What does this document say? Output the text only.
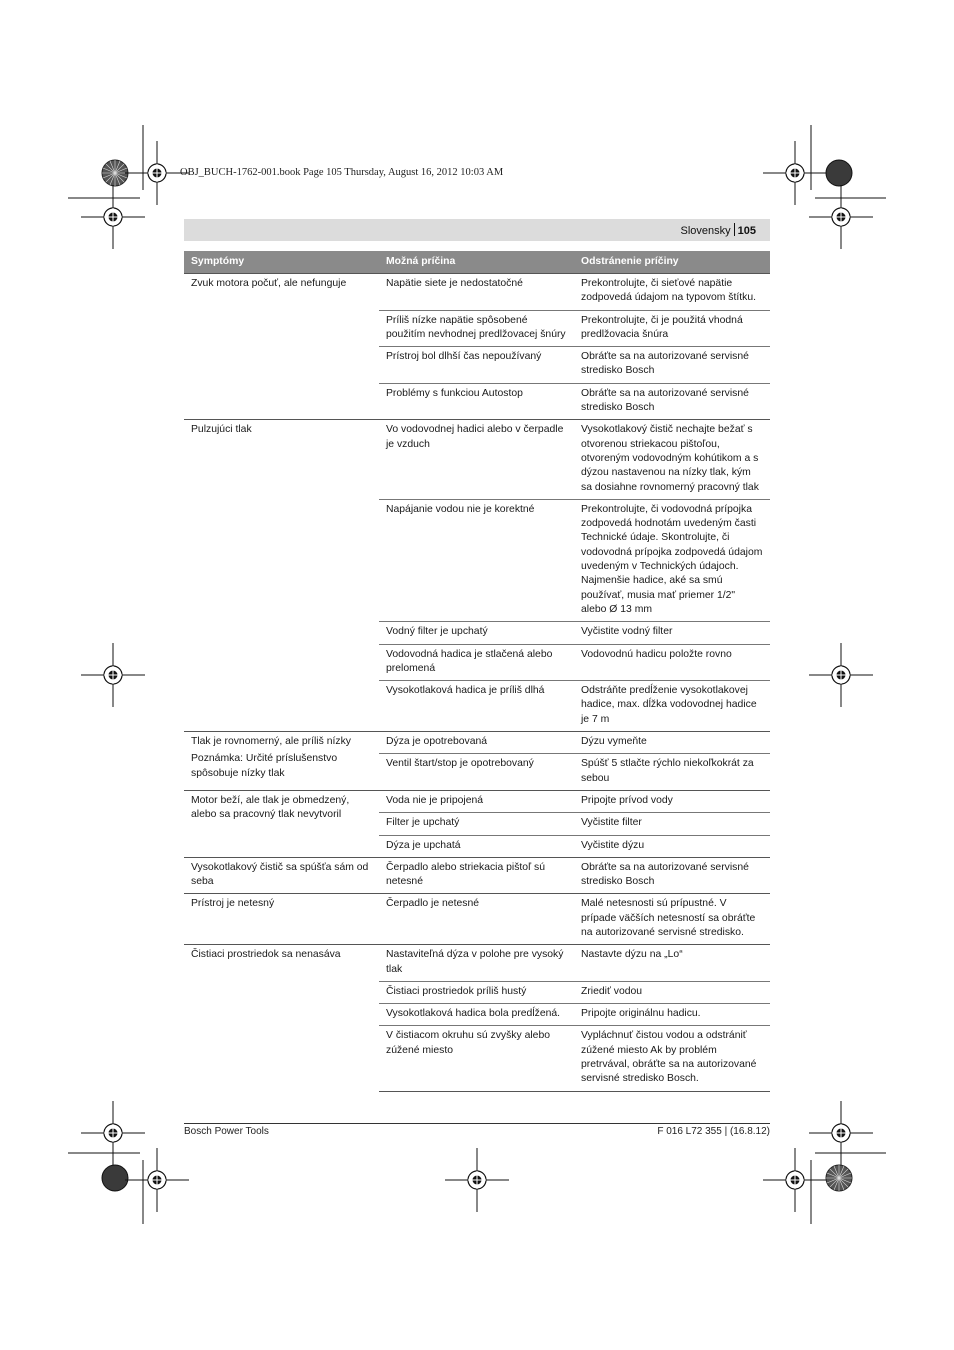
OBJ_BUCH-1762-001.book Page 105 Thursday, August 16, 2012 10:03 AM
Slovensky 105
Symptómy	Možná príčina	Odstránenie príčiny
Zvuk motora počuť, ale nefunguje	Napätie siete je nedostatočné	Prekontrolujte, či sieťové napätie zodpovedá údajom na typovom štítku.
	Príliš nízke napätie spôsobené použitím nevhodnej predlžovacej šnúry	Prekontrolujte, či je použitá vhodná predlžovacia šnúra
	Prístroj bol dlhší čas nepoužívaný	Obráťte sa na autorizované servisné stredisko Bosch
	Problémy s funkciou Autostop	Obráťte sa na autorizované servisné stredisko Bosch
Pulzujúci tlak	Vo vodovodnej hadici alebo v čerpadle je vzduch	Vysokotlakový čistič nechajte bežať s otvorenou striekacou pištoľou, otvoreným vodovodným kohútikom a s dýzou nastavenou na nízky tlak, kým sa dosiahne rovnomerný pracovný tlak
	Napájanie vodou nie je korektné	Prekontrolujte, či vodovodná prípojka zodpovedá hodnotám uvedeným časti Technické údaje. Skontrolujte, či vodovodná prípojka zodpovedá údajom uvedeným v Technických údajoch. Najmenšie hadice, aké sa smú používať, musia mať priemer 1/2" alebo Ø 13 mm
	Vodný filter je upchatý	Vyčistite vodný filter
	Vodovodná hadica je stlačená alebo prelomená	Vodovodnú hadicu položte rovno
	Vysokotlaková hadica je príliš dlhá	Odstráňte predĺženie vysokotlakovej hadice, max. dĺžka vodovodnej hadice je 7 m
Tlak je rovnomerný, ale príliš nízky
Poznámka: Určité príslušenstvo spôsobuje nízky tlak	Dýza je opotrebovaná	Dýzu vymeňte
	Ventil štart/stop je opotrebovaný	Spúšť 5 stlačte rýchlo niekoľkokrát za sebou
Motor beží, ale tlak je obmedzený, alebo sa pracovný tlak nevytvoril	Voda nie je pripojená	Pripojte prívod vody
	Filter je upchatý	Vyčistite filter
	Dýza je upchatá	Vyčistite dýzu
Vysokotlakový čistič sa spúšťa sám od seba	Čerpadlo alebo striekacia pištoľ sú netesné	Obráťte sa na autorizované servisné stredisko Bosch
Prístroj je netesný	Čerpadlo je netesné	Malé netesnosti sú prípustné. V prípade väčších netesností sa obráťte na autorizované servisné stredisko.
Čistiaci prostriedok sa nenasáva	Nastaviteľná dýza v polohe pre vysoký tlak	Nastavte dýzu na „Lo“
	Čistiaci prostriedok príliš hustý	Zriediť vodou
	Vysokotlaková hadica bola predĺžená.	Pripojte originálnu hadicu.
	V čistiacom okruhu sú zvyšky alebo zúžené miesto	Vypláchnuť čistou vodou a odstrániť zúžené miesto Ak by problém pretrvával, obráťte sa na autorizované servisné stredisko Bosch.
Bosch Power Tools	F 016 L72 355 | (16.8.12)
